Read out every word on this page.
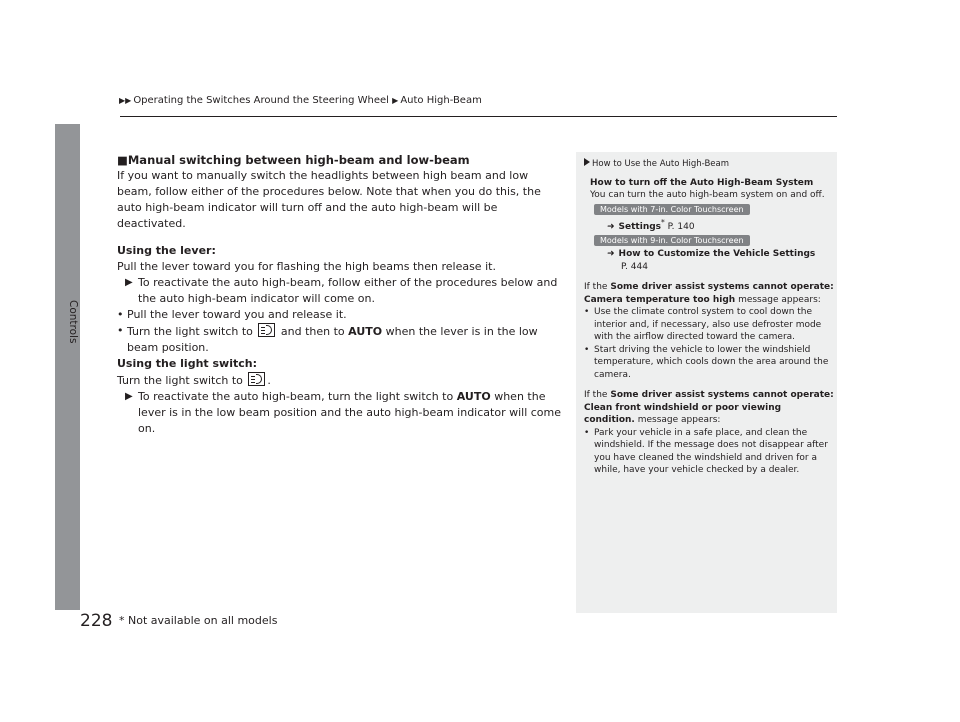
▶▶ Operating the Switches Around the Steering Wheel ▶ Auto High-Beam
Controls

■Manual switching between high-beam and low-beam

If you want to manually switch the headlights between high beam and low beam, follow either of the procedures below. Note that when you do this, the auto high-beam indicator will turn off and the auto high-beam will be deactivated.

Using the lever:

Pull the lever toward you for flashing the high beams then release it.

▶ To reactivate the auto high-beam, follow either of the procedures below and the auto high-beam indicator will come on.

• Pull the lever toward you and release it.

• Turn the light switch to	and then to AUTO when the lever is in the low beam position.

Using the light switch:

Turn the light switch to .

▶ To reactivate the auto high-beam, turn the light switch to AUTO when the lever is in the low beam position and the auto high-beam indicator will come on.

How to Use the Auto High-Beam

How to turn off the Auto High-Beam System

You can turn the auto high-beam system on and off.

Models with 7-in. Color Touchscreen

➜ Settings* P. 140

Models with 9-in. Color Touchscreen

➜ How to Customize the Vehicle Settings

P. 444

If the Some driver assist systems cannot operate: Camera temperature too high message appears:

• Use the climate control system to cool down the interior and, if necessary, also use defroster mode with the airflow directed toward the camera.

• Start driving the vehicle to lower the windshield temperature, which cools down the area around the camera.

If the Some driver assist systems cannot operate: Clean front windshield or poor viewing condition. message appears:

• Park your vehicle in a safe place, and clean the windshield. If the message does not disappear after you have cleaned the windshield and driven for a while, have your vehicle checked by a dealer.

228 * Not available on all models
